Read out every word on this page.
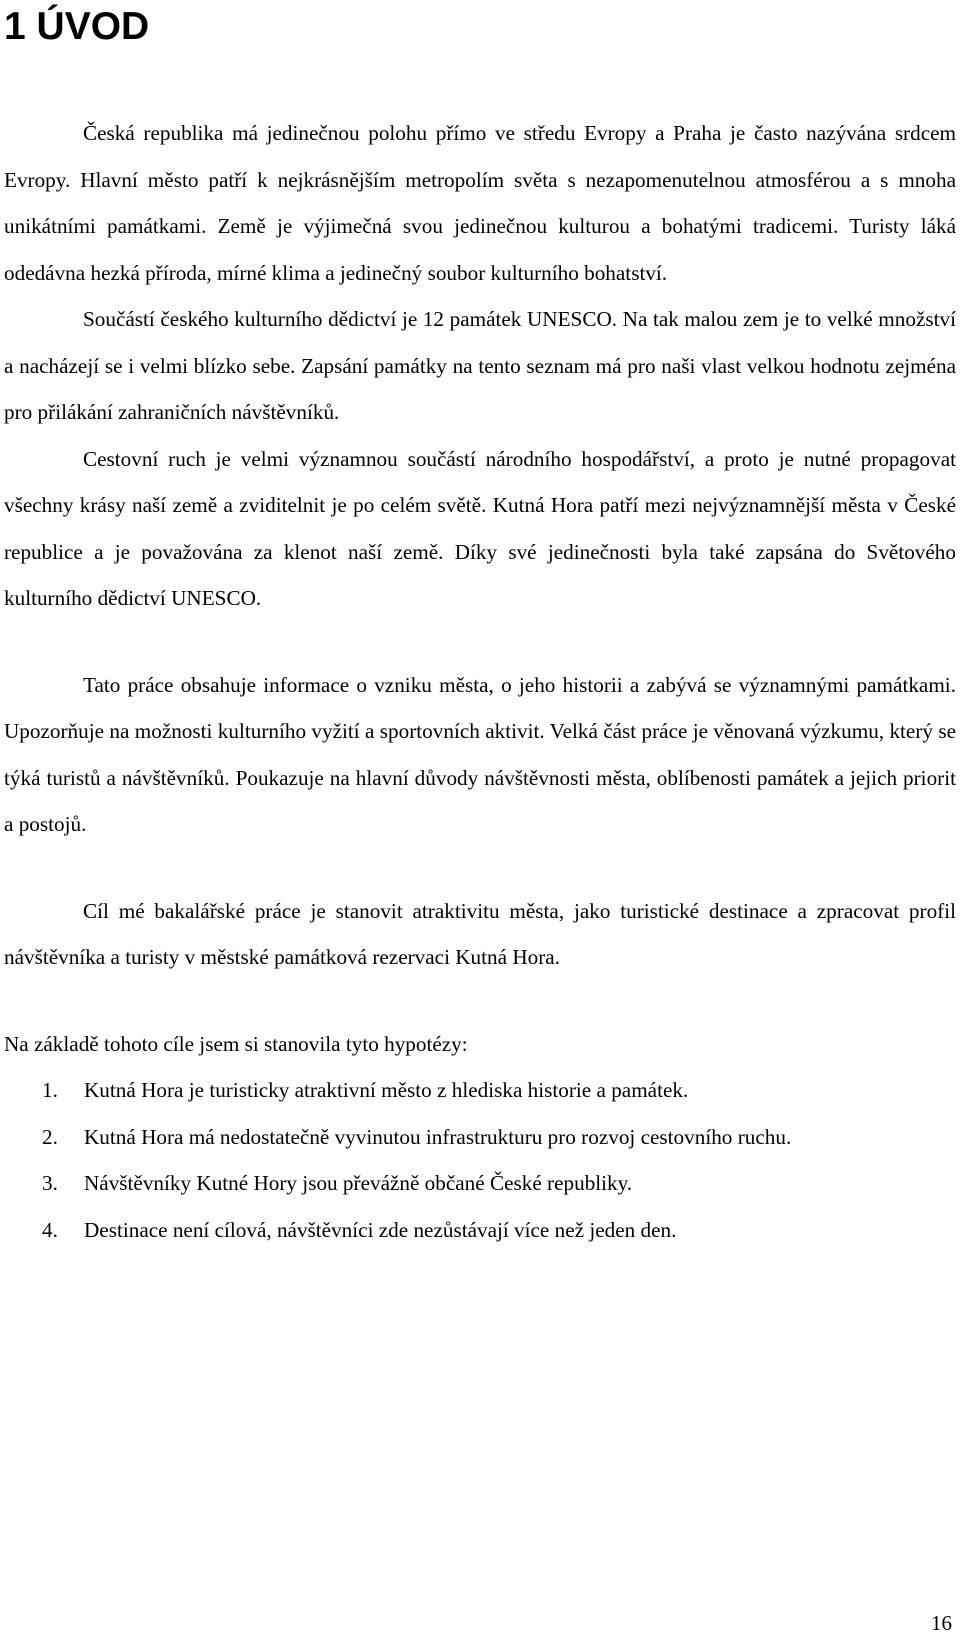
1 ÚVOD

Česká republika má jedinečnou polohu přímo ve středu Evropy a Praha je často nazývána srdcem Evropy. Hlavní město patří k nejkrásnějším metropolím světa s nezapomenutelnou atmosférou a s mnoha unikátními památkami. Země je výjimečná svou jedinečnou kulturou a bohatými tradicemi. Turisty láká odedávna hezká příroda, mírné klima a jedinečný soubor kulturního bohatství.

Součástí českého kulturního dědictví je 12 památek UNESCO. Na tak malou zem je to velké množství a nacházejí se i velmi blízko sebe. Zapsání památky na tento seznam má pro naši vlast velkou hodnotu zejména pro přilákání zahraničních návštěvníků.

Cestovní ruch je velmi významnou součástí národního hospodářství, a proto je nutné propagovat všechny krásy naší země a zviditelnit je po celém světě. Kutná Hora patří mezi nejvýznamnější města v České republice a je považována za klenot naší země. Díky své jedinečnosti byla také zapsána do Světového kulturního dědictví UNESCO.

Tato práce obsahuje informace o vzniku města, o jeho historii a zabývá se významnými památkami. Upozorňuje na možnosti kulturního vyžití a sportovních aktivit. Velká část práce je věnovaná výzkumu, který se týká turistů a návštěvníků. Poukazuje na hlavní důvody návštěvnosti města, oblíbenosti památek a jejich priorit a postojů.

Cíl mé bakalářské práce je stanovit atraktivitu města, jako turistické destinace a zpracovat profil návštěvníka a turisty v městské památková rezervaci Kutná Hora.

Na základě tohoto cíle jsem si stanovila tyto hypotézy:

1.	Kutná Hora je turisticky atraktivní město z hlediska historie a památek.
2.	Kutná Hora má nedostatečně vyvinutou infrastrukturu pro rozvoj cestovního ruchu.
3.	Návštěvníky Kutné Hory jsou převážně občané České republiky.
4.	Destinace není cílová, návštěvníci zde nezůstávají více než jeden den.
16
